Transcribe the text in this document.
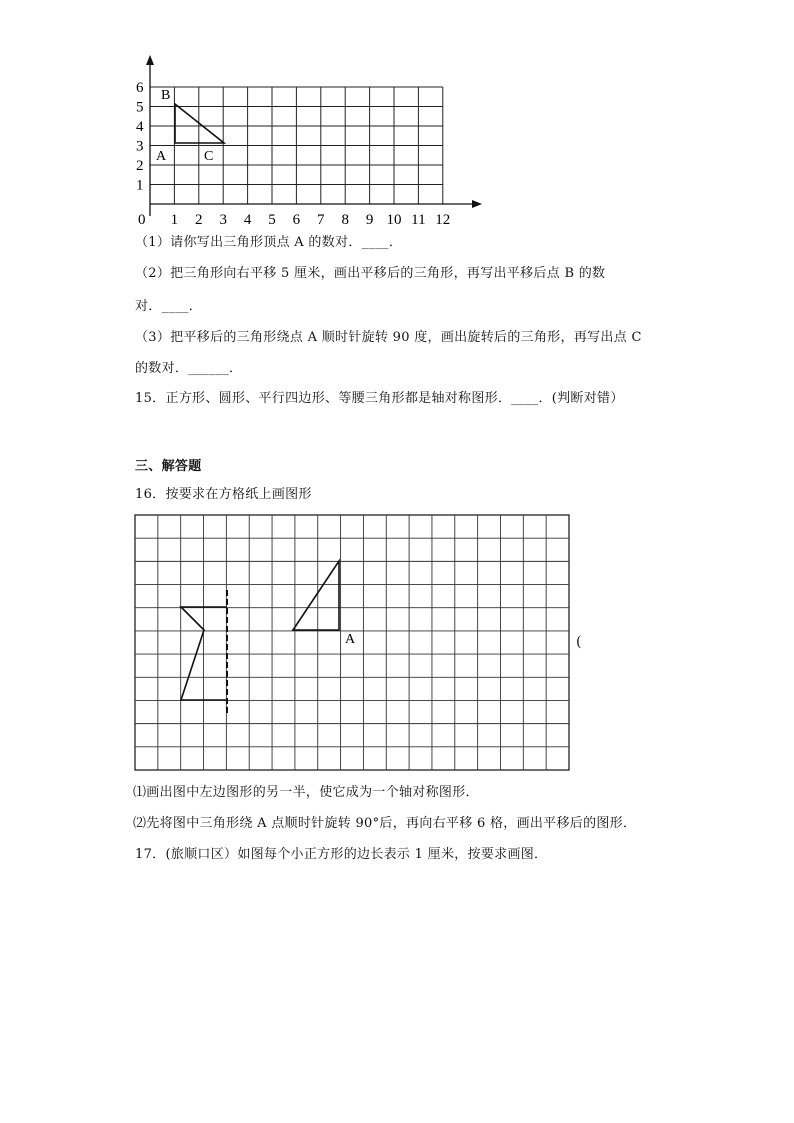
1
2
3
4
5
6
1 2 3 4 5 6 7 8 9 10 11 12
0
B
A	C
（1）请你写出三角形顶点 A 的数对．____．
（2）把三角形向右平移 5 厘米，画出平移后的三角形，再写出平移后点 B 的数
对．____．
（3）把平移后的三角形绕点 A 顺时针旋转 90 度，画出旋转后的三角形，再写出点 C
的数对．______．
15．正方形、圆形、平行四边形、等腰三角形都是轴对称图形．____．(判断对错）
三、解答题
16．按要求在方格纸上画图形
A	(
⑴画出图中左边图形的另一半，使它成为一个轴对称图形．
⑵先将图中三角形绕 A 点顺时针旋转 90°后，再向右平移 6 格，画出平移后的图形．
17．(旅顺口区）如图每个小正方形的边长表示 1 厘米，按要求画图．
